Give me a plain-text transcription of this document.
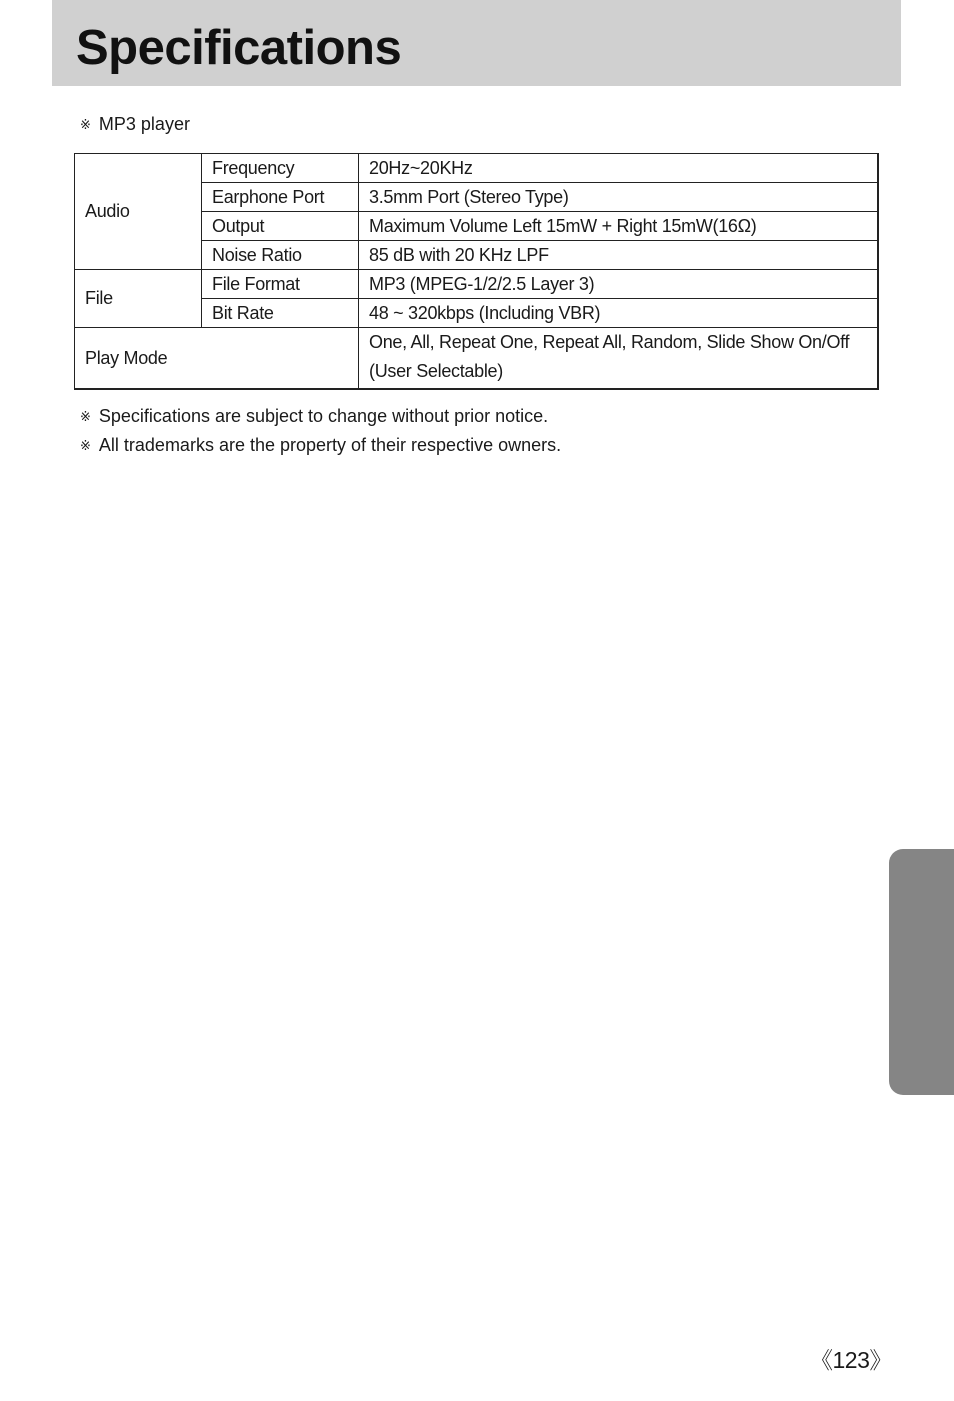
Specifications
※ MP3 player
Audio	Frequency	20Hz~20KHz
	Earphone Port	3.5mm Port (Stereo Type)
	Output	Maximum Volume Left 15mW + Right 15mW(16Ω)
	Noise Ratio	85 dB with 20 KHz LPF
File	File Format	MP3 (MPEG-1/2/2.5 Layer 3)
	Bit Rate	48 ~ 320kbps (Including VBR)
Play Mode		One, All, Repeat One, Repeat All, Random, Slide Show On/Off
(User Selectable)
※ Specifications are subject to change without prior notice.
※ All trademarks are the property of their respective owners.
《123》
